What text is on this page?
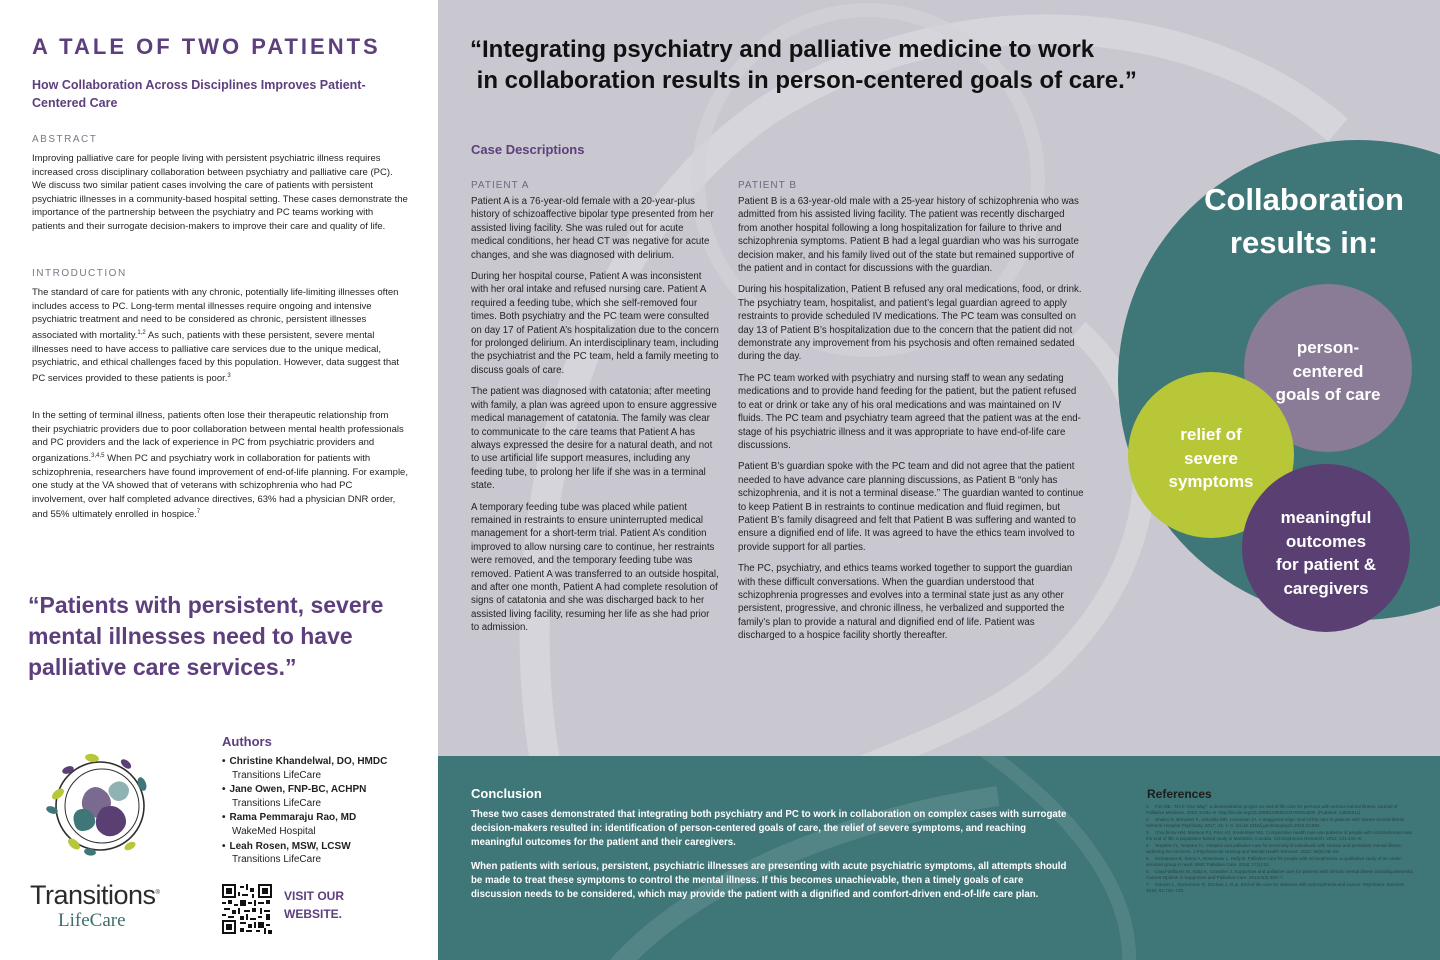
A TALE OF TWO PATIENTS
How Collaboration Across Disciplines Improves Patient-Centered Care
ABSTRACT

Improving palliative care for people living with persistent psychiatric illness requires increased cross disciplinary collaboration between psychiatry and palliative care (PC). We discuss two similar patient cases involving the care of patients with persistent psychiatric illnesses in a community-based hospital setting. These cases demonstrate the importance of the partnership between the psychiatry and PC teams working with patients and their surrogate decision-makers to improve their care and quality of life.

INTRODUCTION

The standard of care for patients with any chronic, potentially life-limiting illnesses often includes access to PC. Long-term mental illnesses require ongoing and intensive psychiatric treatment and need to be considered as chronic, persistent illnesses associated with mortality.$^{1,2}$ As such, patients with these persistent, severe mental illnesses need to have access to palliative care services due to the unique medical, psychiatric, and ethical challenges faced by this population. However, data suggest that PC services provided to these patients is poor.$^3$

In the setting of terminal illness, patients often lose their therapeutic relationship from their psychiatric providers due to poor collaboration between mental health professionals and PC providers and the lack of experience in PC from psychiatric providers and organizations.$^{3,4,5}$ When PC and psychiatry work in collaboration for patients with schizophrenia, researchers have found improvement of end-of-life planning. For example, one study at the VA showed that of veterans with schizophrenia who had PC involvement, over half completed advance directives, 63% had a physician DNR order, and 55% ultimately enrolled in hospice.$^7$

“Patients with persistent, severe mental illnesses need to have palliative care services.”
Transitions®
LifeCare
Authors
• Christine Khandelwal, DO, HMDC
Transitions LifeCare
• Jane Owen, FNP-BC, ACHPN
Transitions LifeCare
• Rama Pemmaraju Rao, MD
WakeMed Hospital
• Leah Rosen, MSW, LCSW
Transitions LifeCare
VISIT OUR
WEBSITE.
“Integrating psychiatry and palliative medicine to work
in collaboration results in person-centered goals of care.”
Case Descriptions
PATIENT A

Patient A is a 76-year-old female with a 20-year-plus history of schizoaffective bipolar type presented from her assisted living facility. She was ruled out for acute medical conditions, her head CT was negative for acute changes, and she was diagnosed with delirium.

During her hospital course, Patient A was inconsistent with her oral intake and refused nursing care. Patient A required a feeding tube, which she self-removed four times. Both psychiatry and the PC team were consulted on day 17 of Patient A’s hospitalization due to the concern for prolonged delirium. An interdisciplinary team, including the psychiatrist and the PC team, held a family meeting to discuss goals of care.

The patient was diagnosed with catatonia; after meeting with family, a plan was agreed upon to ensure aggressive medical management of catatonia. The family was clear to communicate to the care teams that Patient A has always expressed the desire for a natural death, and not to use artificial life support measures, including any feeding tube, to prolong her life if she was in a terminal state.

A temporary feeding tube was placed while patient remained in restraints to ensure uninterrupted medical management for a short-term trial. Patient A’s condition improved to allow nursing care to continue, her restraints were removed, and the temporary feeding tube was removed. Patient A was transferred to an outside hospital, and after one month, Patient A had complete resolution of signs of catatonia and she was discharged back to her assisted living facility, resuming her life as she had prior to admission.

PATIENT B

Patient B is a 63-year-old male with a 25-year history of schizophrenia who was admitted from his assisted living facility. The patient was recently discharged from another hospital following a long hospitalization for failure to thrive and schizophrenia symptoms. Patient B had a legal guardian who was his surrogate decision maker, and his family lived out of the state but remained supportive of the patient and in contact for discussions with the guardian.

During his hospitalization, Patient B refused any oral medications, food, or drink. The psychiatry team, hospitalist, and patient’s legal guardian agreed to apply restraints to provide scheduled IV medications. The PC team was consulted on day 13 of Patient B’s hospitalization due to the concern that the patient did not demonstrate any improvement from his psychosis and often remained sedated during the day.

The PC team worked with psychiatry and nursing staff to wean any sedating medications and to provide hand feeding for the patient, but the patient refused to eat or drink or take any of his oral medications and was maintained on IV fluids. The PC team and psychiatry team agreed that the patient was at the end-stage of his psychiatric illness and it was appropriate to have end-of-life care discussions.

Patient B’s guardian spoke with the PC team and did not agree that the patient needed to have advance care planning discussions, as Patient B “only has schizophrenia, and it is not a terminal disease.” The guardian wanted to continue to keep Patient B in restraints to continue medication and fluid regimen, but Patient B’s family disagreed and felt that Patient B was suffering and wanted to ensure a dignified end of life. It was agreed to have the ethics team involved to provide support for all parties.

The PC, psychiatry, and ethics teams worked together to support the guardian with these difficult conversations. When the guardian understood that schizophrenia progresses and evolves into a terminal state just as any other persistent, progressive, and chronic illness, he verbalized and supported the family’s plan to provide a natural and dignified end of life. Patient was discharged to a hospice facility shortly thereafter.

Collaboration
results in:
person-
centered
goals of care
relief of
severe
symptoms
meaningful
outcomes
for patient &
caregivers
Conclusion

These two cases demonstrated that integrating both psychiatry and PC to work in collaboration on complex cases with surrogate decision-makers resulted in: identification of person-centered goals of care, the relief of severe symptoms, and reaching meaningful outcomes for the patient and their caregivers.

When patients with serious, persistent, psychiatric illnesses are presenting with acute psychiatric symptoms, all attempts should be made to treat these symptoms to control the mental illness. If this becomes unachievable, then a timely goals of care discussion needs to be considered, which may provide the patient with a dignified and comfort-driven end-of-life care plan.

References
1. Foti ME. "Do It Your Way": a demonstration project on end-of-life care for persons with serious mental illness. Journal of Palliative Medicine. 2003; 6:661–9. http://dx.doi.org/10.1089/109662103769253830. [PubMed: 14516511]
2. Shalev D, Brewster K, Arbuckle MR, Levenson JA. A staggered edge: End-of-life care in patients with severe mental illness. General Hospital Psychiatry. 2017; 44: 1–3. doi:10.1016/j.genhosppsych.2016.10.004.
3. Chochinov HM, Martens PJ, Prior HJ, Kredentser MS. Comparative health care use patterns of people with schizophrenia near the end of life: a population-based study in Manitoba, Canada. Schizophrenia Research. 2012; 141:241–6.
4. Terpstra TL, Terpstra TL. Hospice and palliative care for terminally ill individuals with serious and persistent mental illness: widening the horizons. J Psychosocial Nursing and Mental Health Services. 2012; 50(9):28–34.
5. McNamara B, Same A, Rosenwax L, Kelly B. Palliative care for people with schizophrenia: a qualitative study of an under-serviced group in need. BMC Palliative Care. 2018; 17(1):53.
6. Lloyd-Williams M, Abba K, Crowther J. Supportive and palliative care for patients with chronic mental illness including dementia. Current Opinion in Supportive and Palliative Care. 2014;8(3):303–7.
7. Ganzini L, Socherman R, Duckart J, et al. End-of-life care for veterans with schizophrenia and cancer. Psychiatric Services 2010; 61:725–728.
